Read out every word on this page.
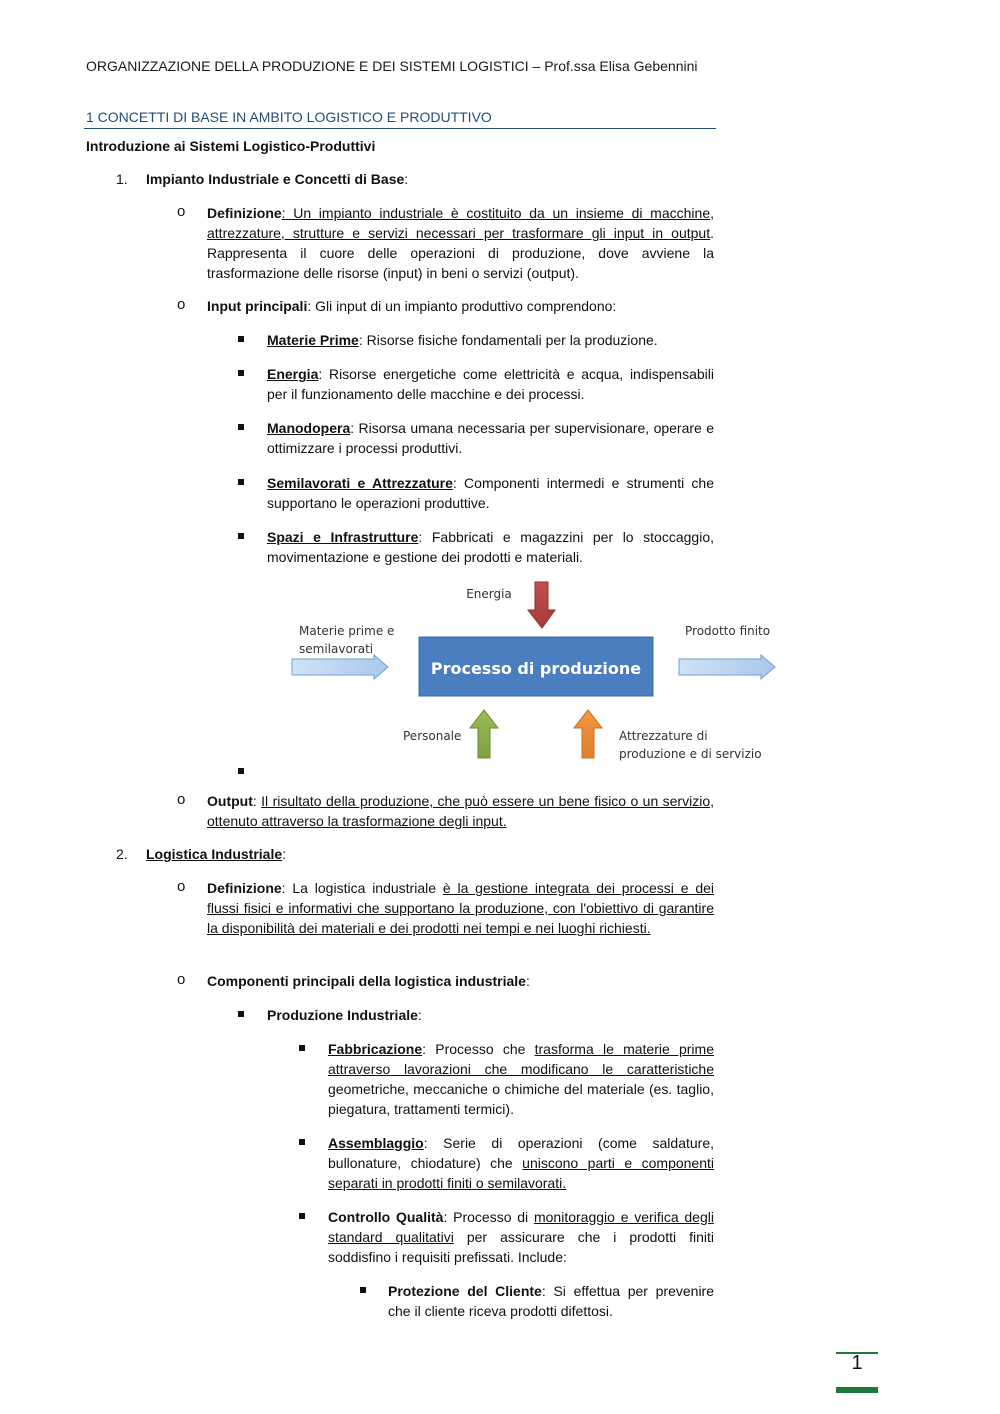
ORGANIZZAZIONE DELLA PRODUZIONE E DEI SISTEMI LOGISTICI – Prof.ssa Elisa Gebennini
1 CONCETTI DI BASE IN AMBITO LOGISTICO E PRODUTTIVO
Introduzione ai Sistemi Logistico-Produttivi
1. Impianto Industriale e Concetti di Base:
o Definizione: Un impianto industriale è costituito da un insieme di macchine, attrezzature, strutture e servizi necessari per trasformare gli input in output. Rappresenta il cuore delle operazioni di produzione, dove avviene la trasformazione delle risorse (input) in beni o servizi (output).
o Input principali: Gli input di un impianto produttivo comprendono:
Materie Prime: Risorse fisiche fondamentali per la produzione.
Energia: Risorse energetiche come elettricità e acqua, indispensabili per il funzionamento delle macchine e dei processi.
Manodopera: Risorsa umana necessaria per supervisionare, operare e ottimizzare i processi produttivi.
Semilavorati e Attrezzature: Componenti intermedi e strumenti che supportano le operazioni produttive.
Spazi e Infrastrutture: Fabbricati e magazzini per lo stoccaggio, movimentazione e gestione dei prodotti e materiali.
Processo di produzione
Energia
Materie prime e
semilavorati
Prodotto finito
Personale	Attrezzature di
produzione e di servizio
o Output: Il risultato della produzione, che può essere un bene fisico o un servizio, ottenuto attraverso la trasformazione degli input.
2. Logistica Industriale:
o Definizione: La logistica industriale è la gestione integrata dei processi e dei flussi fisici e informativi che supportano la produzione, con l'obiettivo di garantire la disponibilità dei materiali e dei prodotti nei tempi e nei luoghi richiesti.
o Componenti principali della logistica industriale:
Produzione Industriale:
Fabbricazione: Processo che trasforma le materie prime attraverso lavorazioni che modificano le caratteristiche geometriche, meccaniche o chimiche del materiale (es. taglio, piegatura, trattamenti termici).
Assemblaggio: Serie di operazioni (come saldature, bullonature, chiodature) che uniscono parti e componenti separati in prodotti finiti o semilavorati.
Controllo Qualità: Processo di monitoraggio e verifica degli standard qualitativi per assicurare che i prodotti finiti soddisfino i requisiti prefissati. Include:
Protezione del Cliente: Si effettua per prevenire che il cliente riceva prodotti difettosi.
1
